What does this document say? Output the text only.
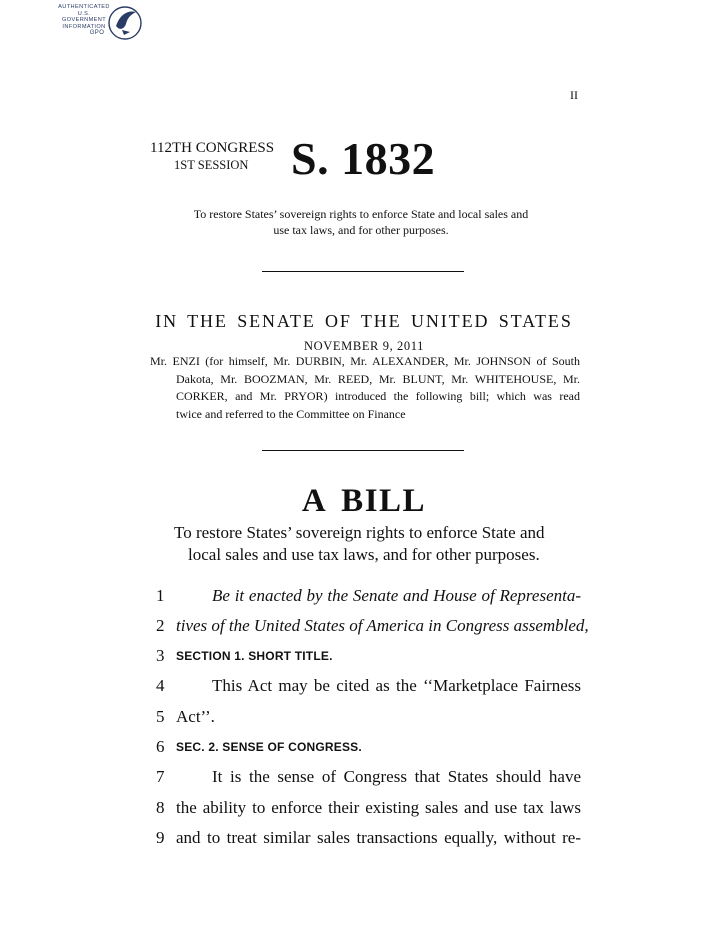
AUTHENTICATED
U.S. GOVERNMENT
INFORMATION
GPO
II
112TH CONGRESS
1ST SESSION S. 1832
To restore States’ sovereign rights to enforce State and local sales and
use tax laws, and for other purposes.
IN THE SENATE OF THE UNITED STATES
NOVEMBER 9, 2011
Mr. ENZI (for himself, Mr. DURBIN, Mr. ALEXANDER, Mr. JOHNSON of South
Dakota, Mr. BOOZMAN, Mr. REED, Mr. BLUNT, Mr. WHITEHOUSE, Mr.
CORKER, and Mr. PRYOR) introduced the following bill; which was read
twice and referred to the Committee on Finance
A BILL
To restore States’ sovereign rights to enforce State and
local sales and use tax laws, and for other purposes.
1	Be it enacted by the Senate and House of Representa-
2 tives of the United States of America in Congress assembled,
3 SECTION 1. SHORT TITLE.
4	This Act may be cited as the ‘‘Marketplace Fairness
5 Act’’.
6 SEC. 2. SENSE OF CONGRESS.
7	It is the sense of Congress that States should have
8 the ability to enforce their existing sales and use tax laws
9 and to treat similar sales transactions equally, without re-
